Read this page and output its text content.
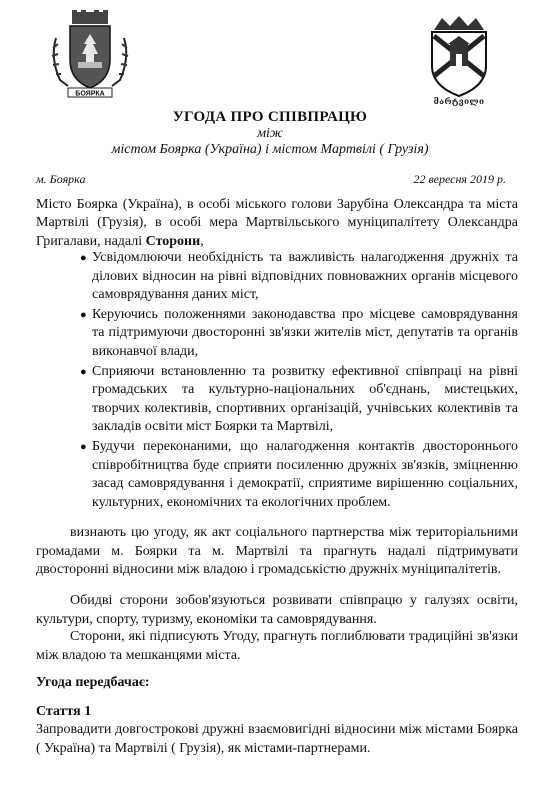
БОЯРКА
მარტვილი
УГОДА ПРО СПІВПРАЦЮ
між
містом Боярка (Україна) і містом Мартвілі ( Грузія)
м. Боярка	22 вересня 2019 р.
Місто Боярка (Україна), в особі міського голови Зарубіна Олександра та міста Мартвілі (Грузія), в особі мера Мартвільського муніципалітету Олександра Григалави, надалі Сторони,
● Усвідомлюючи необхідність та важливість налагодження дружніх та ділових відносин на рівні відповідних повноважних органів місцевого самоврядування даних міст,
● Керуючись положеннями законодавства про місцеве самоврядування та підтримуючи двосторонні зв'язки жителів міст, депутатів та органів виконавчої влади,
● Сприяючи встановленню та розвитку ефективної співпраці на рівні громадських та культурно-національних об'єднань, мистецьких, творчих колективів, спортивних організацій, учнівських колективів та закладів освіти міст Боярки та Мартвілі,
● Будучи переконаними, що налагодження контактів двостороннього співробітництва буде сприяти посиленню дружніх зв'язків, зміцненню засад самоврядування і демократії, сприятиме вирішенню соціальних, культурних, економічних та екологічних проблем.
визнають цю угоду, як акт соціального партнерства між територіальними громадами м. Боярки та м. Мартвілі та прагнуть надалі підтримувати двосторонні відносини між владою і громадськістю дружніх муніципалітетів.
Обидві сторони зобов'язуються розвивати співпрацю у галузях освіти, культури, спорту, туризму, економіки та самоврядування.
Сторони, які підписують Угоду, прагнуть поглиблювати традиційні зв'язки між владою та мешканцями міста.
Угода передбачає:
Стаття 1
Запровадити довгострокові дружні взаємовигідні відносини між містами Боярка ( Україна) та Мартвілі ( Грузія), як містами-партнерами.
